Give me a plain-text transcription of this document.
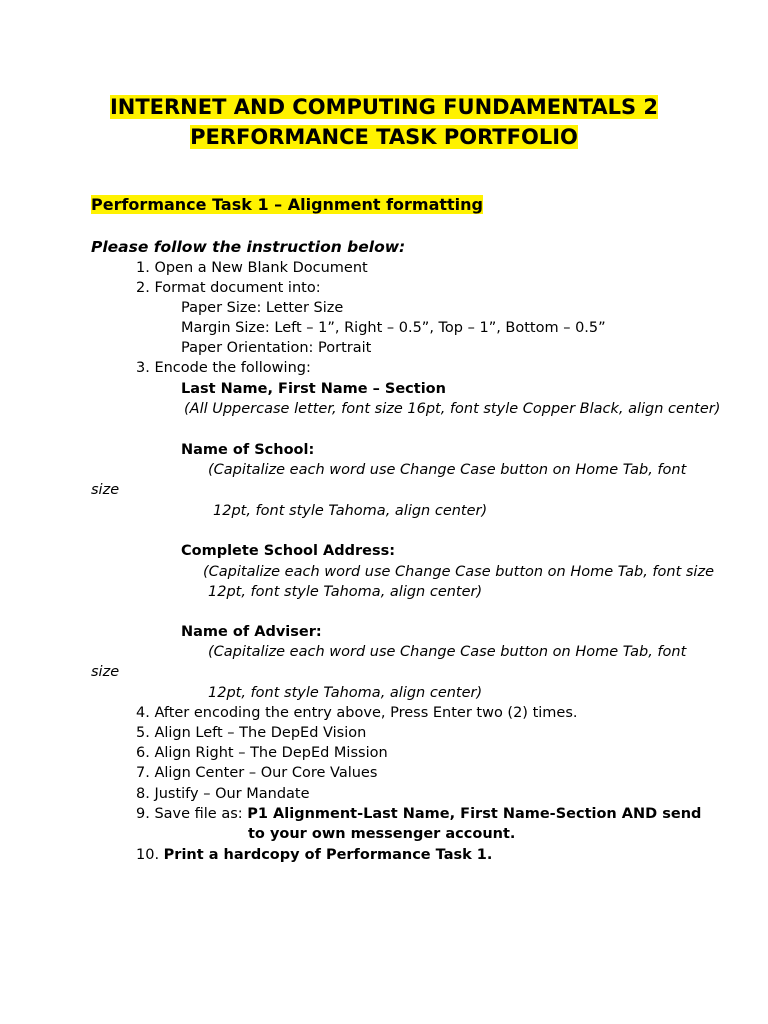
INTERNET AND COMPUTING FUNDAMENTALS 2
PERFORMANCE TASK PORTFOLIO
Performance Task 1 – Alignment formatting
Please follow the instruction below:
1. Open a New Blank Document
2. Format document into:
Paper Size: Letter Size
Margin Size: Left – 1”, Right – 0.5”, Top – 1”, Bottom – 0.5”
Paper Orientation: Portrait
3. Encode the following:
Last Name, First Name – Section
(All Uppercase letter, font size 16pt, font style Copper Black, align center)
Name of School:
(Capitalize each word use Change Case button on Home Tab, font
size
12pt, font style Tahoma, align center)
Complete School Address:
(Capitalize each word use Change Case button on Home Tab, font size
12pt, font style Tahoma, align center)
Name of Adviser:
(Capitalize each word use Change Case button on Home Tab, font
size
12pt, font style Tahoma, align center)
4. After encoding the entry above, Press Enter two (2) times.
5. Align Left – The DepEd Vision
6. Align Right – The DepEd Mission
7. Align Center – Our Core Values
8. Justify – Our Mandate
9. Save file as: P1 Alignment-Last Name, First Name-Section AND send
to your own messenger account.
10. Print a hardcopy of Performance Task 1.
